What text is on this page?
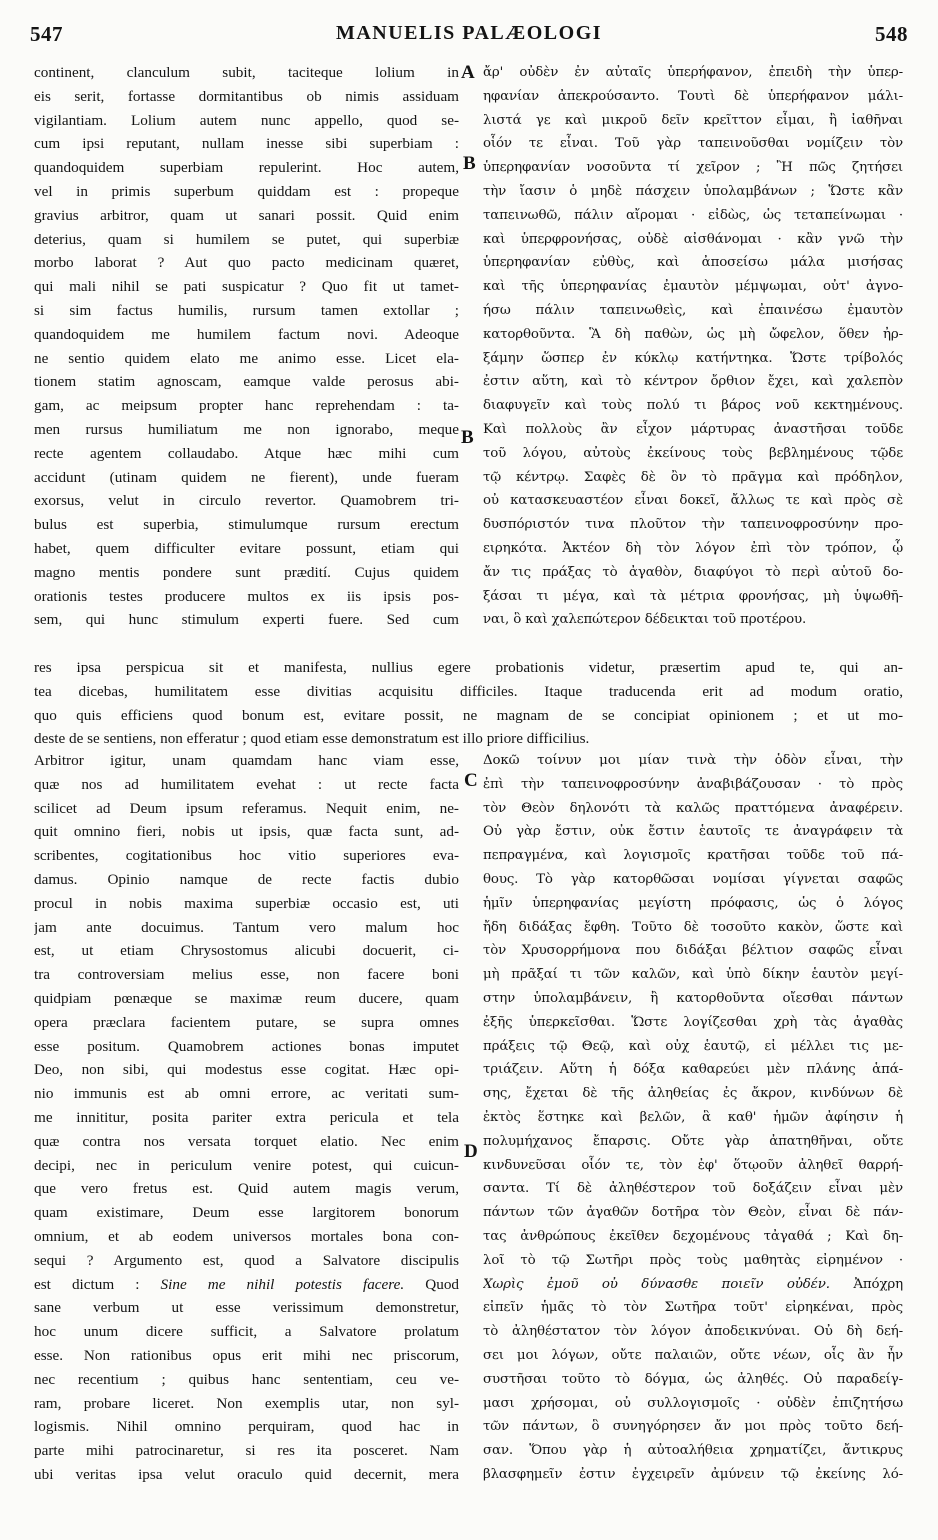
547	MANUELIS PALÆOLOGI	548
A
B
B
C
D
continent, clanculum subit, taciteque lolium in
eis serit, fortasse dormitantibus ob nimis assiduam
vigilantiam. Lolium autem nunc appello, quod se-
cum ipsi reputant, nullam inesse sibi superbiam :
quandoquidem superbiam repulerint. Hoc autem,
vel in primis superbum quiddam est : propeque
gravius arbitror, quam ut sanari possit. Quid enim
deterius, quam si humilem se putet, qui superbiæ
morbo laborat ? Aut quo pacto medicinam quæret,
qui mali nihil se pati suspicatur ? Quo fit ut tamet-
si sim factus humilis, rursum tamen extollar ;
quandoquidem me humilem factum novi. Adeoque
ne sentio quidem elato me animo esse. Licet ela-
tionem statim agnoscam, eamque valde perosus abi-
gam, ac meipsum propter hanc reprehendam : ta-
men rursus humiliatum me non ignorabo, meque
recte agentem collaudabo. Atque hæc mihi cum
accidunt (utinam quidem ne fierent), unde fueram
exorsus, velut in circulo revertor. Quamobrem tri-
bulus est superbia, stimulumque rursum erectum
habet, quem difficulter evitare possunt, etiam qui
magno mentis pondere sunt prædití. Cujus quidem
orationis testes producere multos ex iis ipsis pos-
sem, qui hunc stimulum experti fuere. Sed cum
ἄρ' οὐδὲν ἐν αὐταῖς ὑπερήφανον, ἐπειδὴ τὴν ὑπερ-
ηφανίαν ἀπεκρούσαντο. Τουτὶ δὲ ὑπερήφανον μάλι-
λιστά γε καὶ μικροῦ δεῖν κρεῖττον εἶμαι, ἢ ἰαθῆναι
οἷόν τε εἶναι. Τοῦ γὰρ ταπεινοῦσθαι νομίζειν τὸν
ὑπερηφανίαν νοσοῦντα τί χεῖρον ; Ἢ πῶς ζητήσει
τὴν ἴασιν ὁ μηδὲ πάσχειν ὑπολαμβάνων ; Ὥστε κἂν
ταπεινωθῶ, πάλιν αἴρομαι · εἰδὼς, ὡς τεταπείνωμαι ·
καὶ ὑπερφρονήσας, οὐδὲ αἰσθάνομαι · κἂν γνῶ τὴν
ὑπερηφανίαν εὐθὺς, καὶ ἀποσείσω μάλα μισήσας
καὶ τῆς ὑπερηφανίας ἐμαυτὸν μέμψωμαι, οὐτ' ἀγνο-
ήσω πάλιν ταπεινωθεὶς, καὶ ἐπαινέσω ἐμαυτὸν
κατορθοῦντα. Ἃ δὴ παθὼν, ὡς μὴ ὤφελον, ὅθεν ἠρ-
ξάμην ὥσπερ ἐν κύκλῳ κατήντηκα. Ὥστε τρίβολός
ἐστιν αὕτη, καὶ τὸ κέντρον ὄρθιον ἔχει, καὶ χαλεπὸν
διαφυγεῖν καὶ τοὺς πολύ τι βάρος νοῦ κεκτημένους.
Καὶ πολλοὺς ἂν εἶχον μάρτυρας ἀναστῆσαι τοῦδε
τοῦ λόγου, αὐτοὺς ἐκείνους τοὺς βεβλημένους τῷδε
τῷ κέντρῳ. Σαφὲς δὲ ὂν τὸ πρᾶγμα καὶ πρόδηλον,
οὐ κατασκευαστέον εἶναι δοκεῖ, ἄλλως τε καὶ πρὸς σὲ
δυσπόριστόν τινα πλοῦτον τὴν ταπεινοφροσύνην προ-
ειρηκότα. Ἀκτέον δὴ τὸν λόγον ἐπὶ τὸν τρόπον, ᾧ
ἄν τις πράξας τὸ ἀγαθὸν, διαφύγοι τὸ περὶ αὑτοῦ δο-
ξάσαι τι μέγα, καὶ τὰ μέτρια φρονήσας, μὴ ὑψωθῆ-
ναι, ὃ καὶ χαλεπώτερον δέδεικται τοῦ προτέρου.
res ipsa perspicua sit et manifesta, nullius egere probationis videtur, præsertim apud te, qui an-
tea dicebas, humilitatem esse divitias acquisitu difficiles. Itaque traducenda erit ad modum oratio,
quo quis efficiens quod bonum est, evitare possit, ne magnam de se concipiat opinionem ; et ut mo-
deste de se sentiens, non efferatur ; quod etiam esse demonstratum est illo priore difficilius.
Arbitror igitur, unam quamdam hanc viam esse,
quæ nos ad humilitatem evehat : ut recte facta
scilicet ad Deum ipsum referamus. Nequit enim, ne-
quit omnino fieri, nobis ut ipsis, quæ facta sunt, ad-
scribentes, cogitationibus hoc vitio superiores eva-
damus. Opinio namque de recte factis dubio
procul in nobis maxima superbiæ occasio est, uti
jam ante docuimus. Tantum vero malum hoc
est, ut etiam Chrysostomus alicubi docuerit, ci-
tra controversiam melius esse, non facere boni
quidpiam pœnæque se maximæ reum ducere, quam
opera præclara facientem putare, se supra omnes
esse positum. Quamobrem actiones bonas imputet
Deo, non sibi, qui modestus esse cogitat. Hæc opi-
nio immunis est ab omni errore, ac veritati sum-
me innititur, posita pariter extra pericula et tela
quæ contra nos versata torquet elatio. Nec enim
decipi, nec in periculum venire potest, qui cuicun-
que vero fretus est. Quid autem magis verum,
quam existimare, Deum esse largitorem bonorum
omnium, et ab eodem universos mortales bona con-
sequi ? Argumento est, quod a Salvatore discipulis
est dictum : Sine me nihil potestis facere. Quod
sane verbum ut esse verissimum demonstretur,
hoc unum dicere sufficit, a Salvatore prolatum
esse. Non rationibus opus erit mihi nec priscorum,
nec recentium ; quibus hanc sententiam, ceu ve-
ram, probare liceret. Non exemplis utar, non syl-
logismis. Nihil omnino perquiram, quod hac in
parte mihi patrocinaretur, si res ita posceret. Nam
ubi veritas ipsa velut oraculo quid decernit, mera
Δοκῶ τοίνυν μοι μίαν τινὰ τὴν ὁδὸν εἶναι, τὴν
ἐπὶ τὴν ταπεινοφροσύνην ἀναβιβάζουσαν · τὸ πρὸς
τὸν Θεὸν δηλονότι τὰ καλῶς πραττόμενα ἀναφέρειν.
Οὐ γὰρ ἔστιν, οὐκ ἔστιν ἑαυτοῖς τε ἀναγράφειν τὰ
πεπραγμένα, καὶ λογισμοῖς κρατῆσαι τοῦδε τοῦ πά-
θους. Τὸ γὰρ κατορθῶσαι νομίσαι γίγνεται σαφῶς
ἡμῖν ὑπερηφανίας μεγίστη πρόφασις, ὡς ὁ λόγος
ἤδη διδάξας ἔφθη. Τοῦτο δὲ τοσοῦτο κακὸν, ὥστε καὶ
τὸν Χρυσορρήμονα που διδάξαι βέλτιον σαφῶς εἶναι
μὴ πρᾶξαί τι τῶν καλῶν, καὶ ὑπὸ δίκην ἑαυτὸν μεγί-
στην ὑπολαμβάνειν, ἢ κατορθοῦντα οἴεσθαι πάντων
ἐξῆς ὑπερκεῖσθαι. Ὥστε λογίζεσθαι χρὴ τὰς ἀγαθὰς
πράξεις τῷ Θεῷ, καὶ οὐχ ἑαυτῷ, εἰ μέλλει τις με-
τριάζειν. Αὕτη ἡ δόξα καθαρεύει μὲν πλάνης ἁπά-
σης, ἔχεται δὲ τῆς ἀληθείας ἐς ἄκρον, κινδύνων δὲ
ἐκτὸς ἕστηκε καὶ βελῶν, ἃ καθ' ἡμῶν ἀφίησιν ἡ
πολυμήχανος ἔπαρσις. Οὔτε γὰρ ἀπατηθῆναι, οὔτε
κινδυνεῦσαι οἷόν τε, τὸν ἐφ' ὅτῳοῦν ἀληθεῖ θαρρή-
σαντα. Τί δὲ ἀληθέστερον τοῦ δοξάζειν εἶναι μὲν
πάντων τῶν ἀγαθῶν δοτῆρα τὸν Θεὸν, εἶναι δὲ πάν-
τας ἀνθρώπους ἐκεῖθεν δεχομένους τἀγαθά ; Καὶ δη-
λοῖ τὸ τῷ Σωτῆρι πρὸς τοὺς μαθητὰς εἰρημένον ·
Χωρὶς ἐμοῦ οὐ δύνασθε ποιεῖν οὐδέν. Ἀπόχρη
εἰπεῖν ἡμᾶς τὸ τὸν Σωτῆρα τοῦτ' εἰρηκέναι, πρὸς
τὸ ἀληθέστατον τὸν λόγον ἀποδεικνύναι. Οὐ δὴ δεή-
σει μοι λόγων, οὔτε παλαιῶν, οὔτε νέων, οἷς ἂν ἦν
συστῆσαι τοῦτο τὸ δόγμα, ὡς ἀληθές. Οὐ παραδείγ-
μασι χρήσομαι, οὐ συλλογισμοῖς · οὐδὲν ἐπιζητήσω
τῶν πάντων, ὃ συνηγόρησεν ἄν μοι πρὸς τοῦτο δεή-
σαν. Ὅπου γὰρ ἡ αὐτοαλήθεια χρηματίζει, ἄντικρυς
βλασφημεῖν ἐστιν ἐγχειρεῖν ἀμύνειν τῷ ἐκείνης λό-
